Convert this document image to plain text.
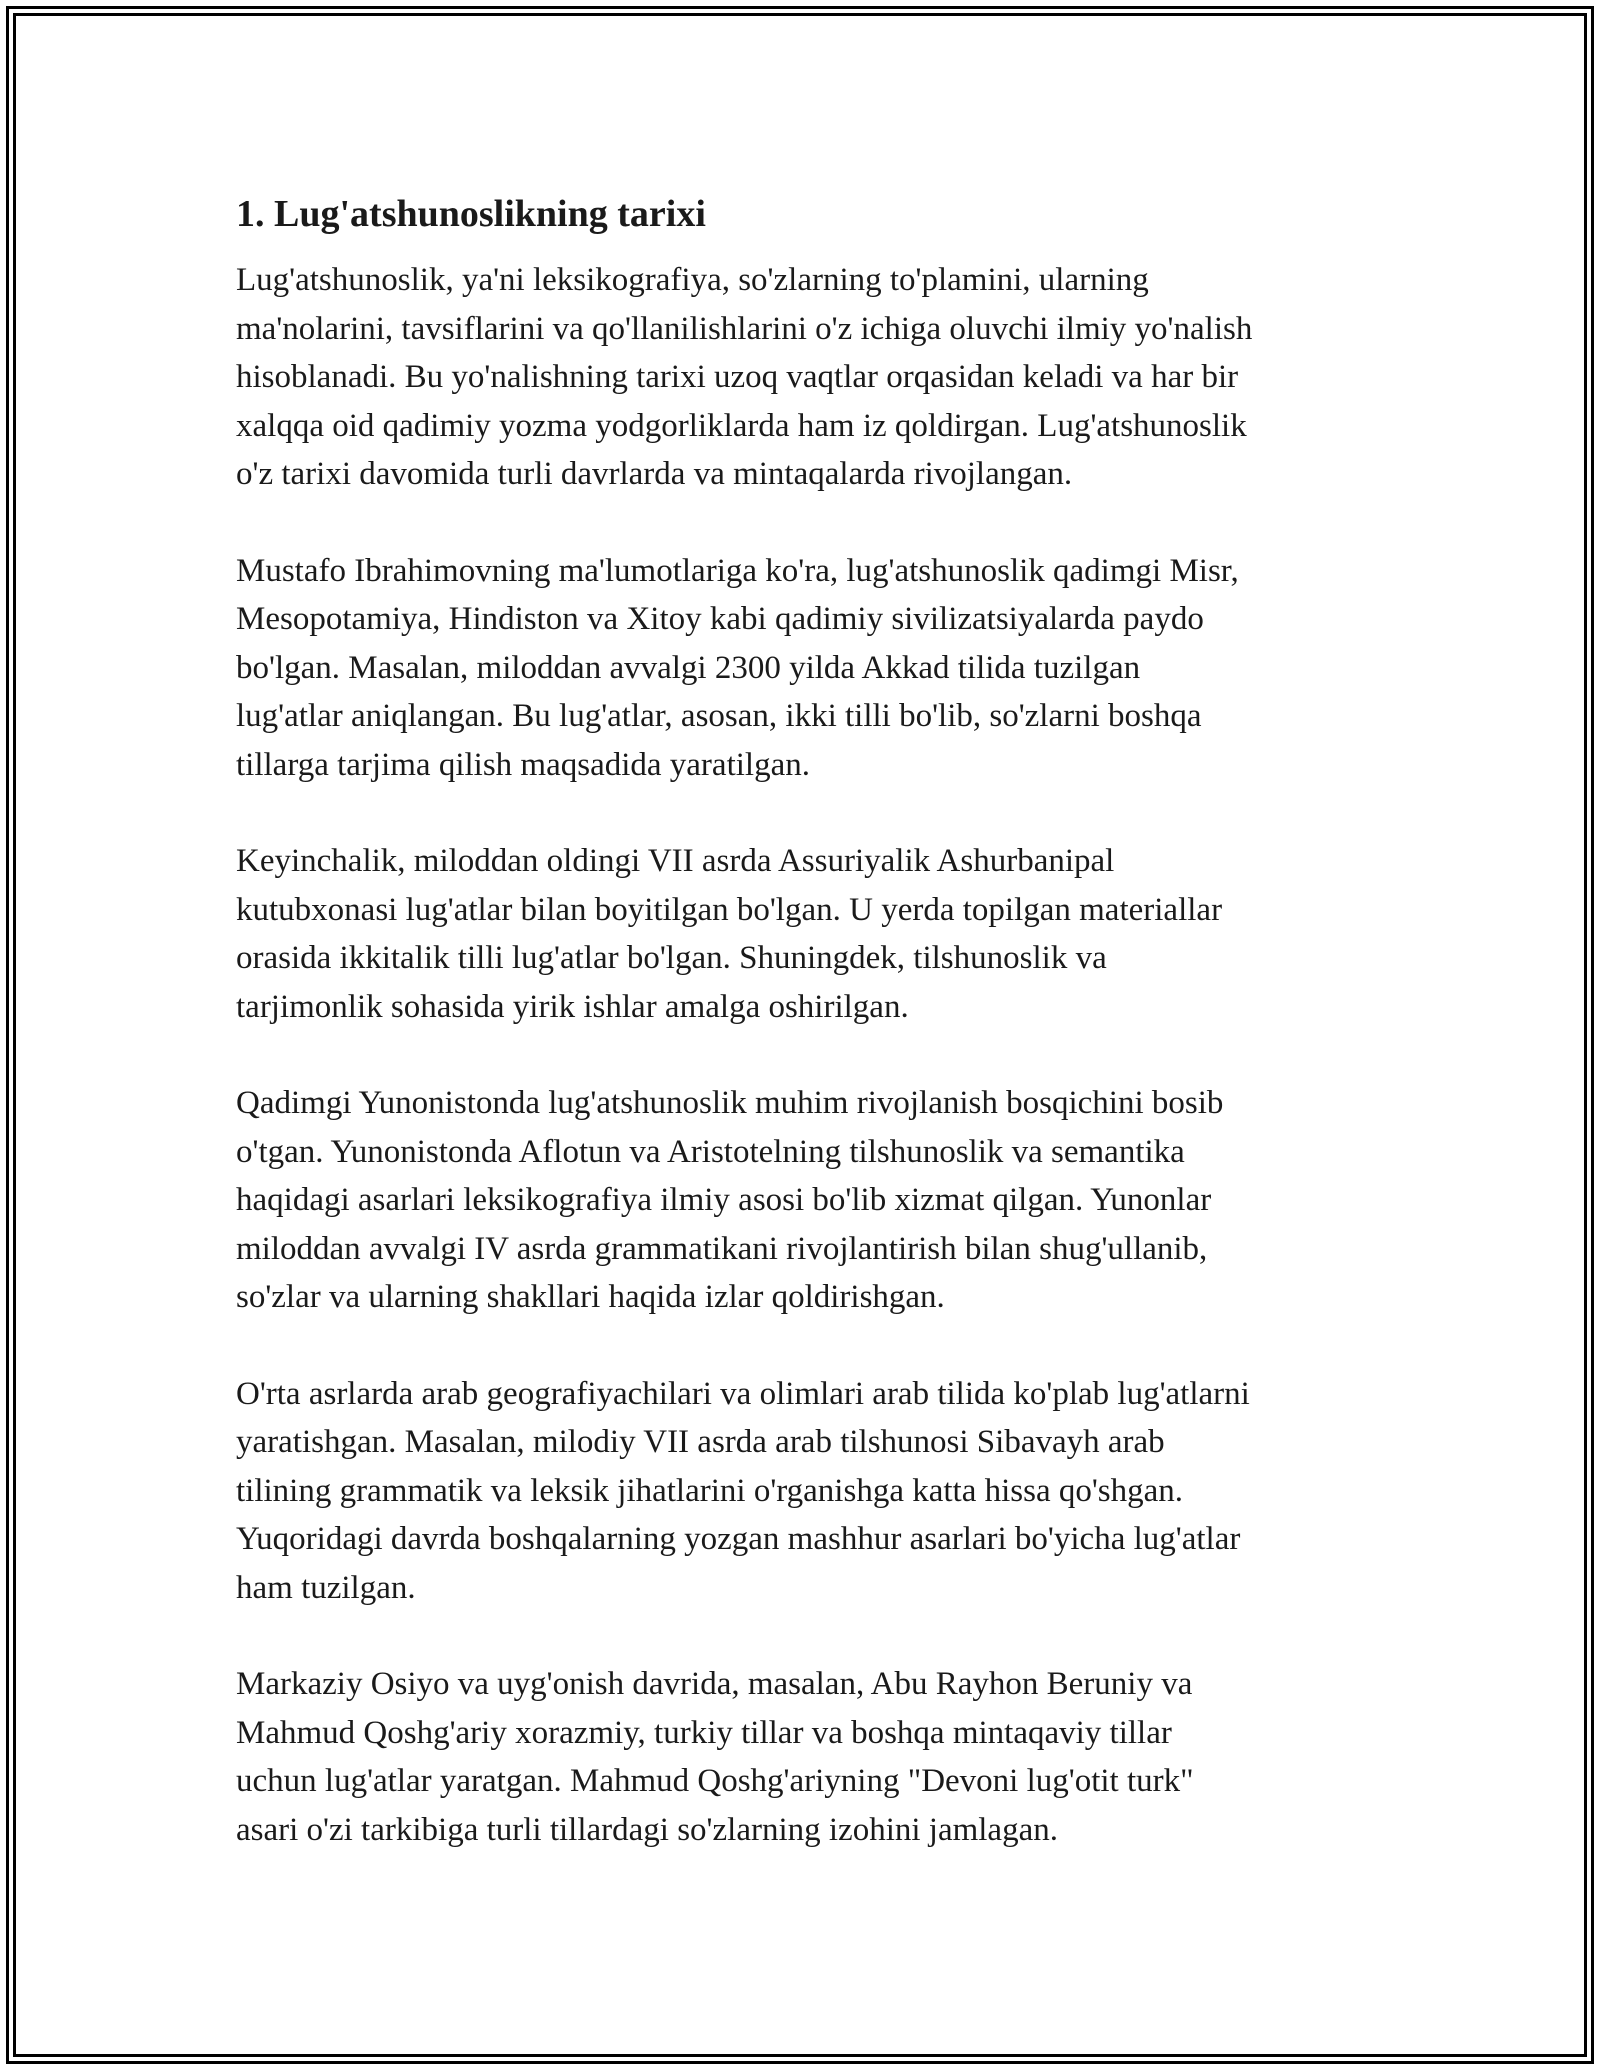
1. Lug'atshunoslikning tarixi

Lug'atshunoslik, ya'ni leksikografiya, so'zlarning to'plamini, ularning
ma'nolarini, tavsiflarini va qo'llanilishlarini o'z ichiga oluvchi ilmiy yo'nalish
hisoblanadi. Bu yo'nalishning tarixi uzoq vaqtlar orqasidan keladi va har bir
xalqqa oid qadimiy yozma yodgorliklarda ham iz qoldirgan. Lug'atshunoslik
o'z tarixi davomida turli davrlarda va mintaqalarda rivojlangan.

Mustafo Ibrahimovning ma'lumotlariga ko'ra, lug'atshunoslik qadimgi Misr,
Mesopotamiya, Hindiston va Xitoy kabi qadimiy sivilizatsiyalarda paydo
bo'lgan. Masalan, miloddan avvalgi 2300 yilda Akkad tilida tuzilgan
lug'atlar aniqlangan. Bu lug'atlar, asosan, ikki tilli bo'lib, so'zlarni boshqa
tillarga tarjima qilish maqsadida yaratilgan.

Keyinchalik, miloddan oldingi VII asrda Assuriyalik Ashurbanipal
kutubxonasi lug'atlar bilan boyitilgan bo'lgan. U yerda topilgan materiallar
orasida ikkitalik tilli lug'atlar bo'lgan. Shuningdek, tilshunoslik va
tarjimonlik sohasida yirik ishlar amalga oshirilgan.

Qadimgi Yunonistonda lug'atshunoslik muhim rivojlanish bosqichini bosib
o'tgan. Yunonistonda Aflotun va Aristotelning tilshunoslik va semantika
haqidagi asarlari leksikografiya ilmiy asosi bo'lib xizmat qilgan. Yunonlar
miloddan avvalgi IV asrda grammatikani rivojlantirish bilan shug'ullanib,
so'zlar va ularning shakllari haqida izlar qoldirishgan.

O'rta asrlarda arab geografiyachilari va olimlari arab tilida ko'plab lug'atlarni
yaratishgan. Masalan, milodiy VII asrda arab tilshunosi Sibavayh arab
tilining grammatik va leksik jihatlarini o'rganishga katta hissa qo'shgan.
Yuqoridagi davrda boshqalarning yozgan mashhur asarlari bo'yicha lug'atlar
ham tuzilgan.

Markaziy Osiyo va uyg'onish davrida, masalan, Abu Rayhon Beruniy va
Mahmud Qoshg'ariy xorazmiy, turkiy tillar va boshqa mintaqaviy tillar
uchun lug'atlar yaratgan. Mahmud Qoshg'ariyning "Devoni lug'otit turk"
asari o'zi tarkibiga turli tillardagi so'zlarning izohini jamlagan.
